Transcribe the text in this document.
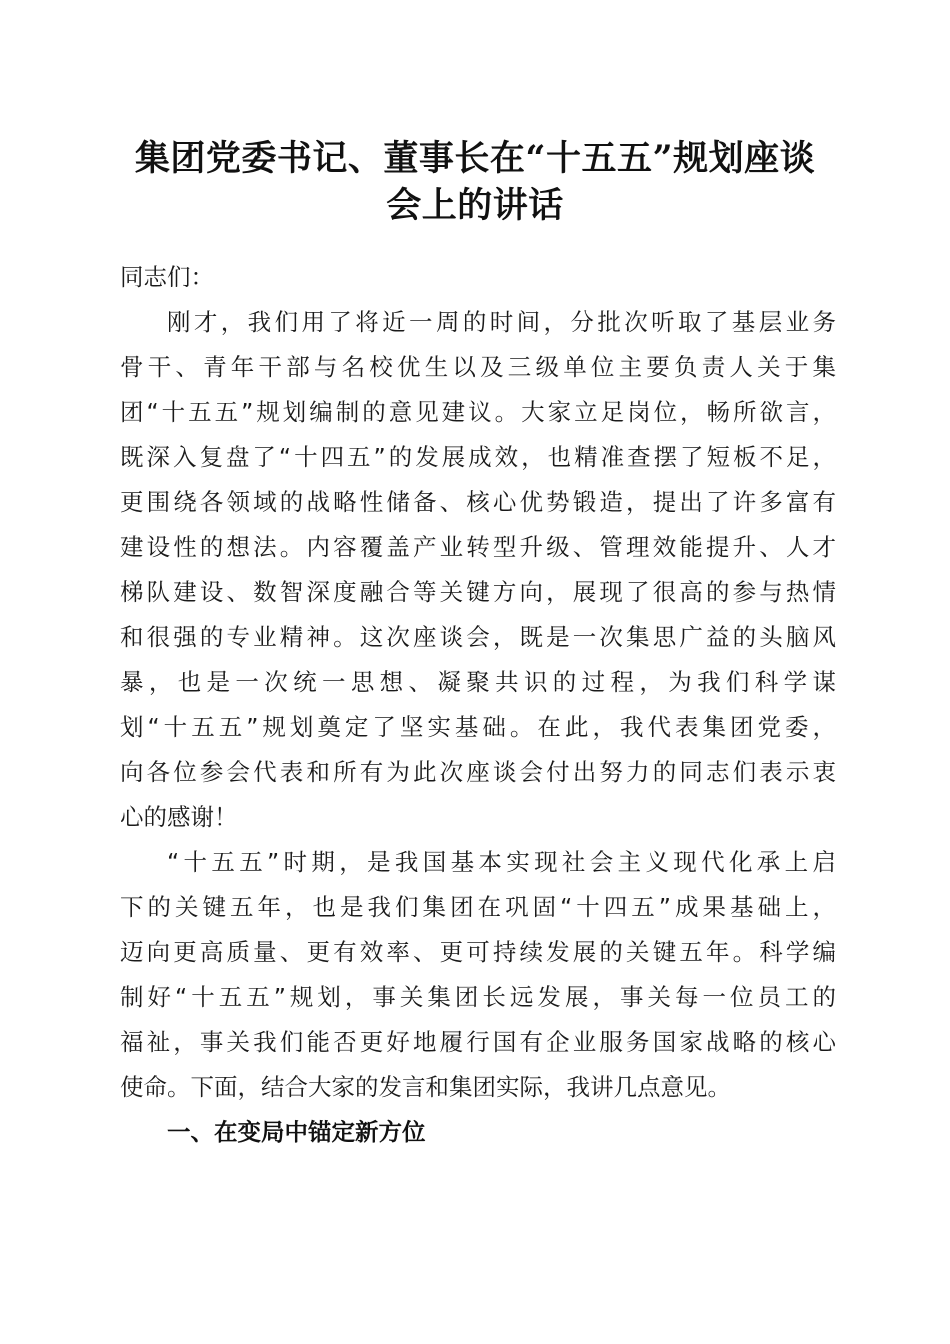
集团党委书记、董事长在“十五五”规划座谈
会上的讲话

同志们：

刚才，我们用了将近一周的时间，分批次听取了基层业务
骨干、青年干部与名校优生以及三级单位主要负责人关于集
团“十五五”规划编制的意见建议。大家立足岗位，畅所欲言，
既深入复盘了“十四五”的发展成效，也精准查摆了短板不足，
更围绕各领域的战略性储备、核心优势锻造，提出了许多富有
建设性的想法。内容覆盖产业转型升级、管理效能提升、人才
梯队建设、数智深度融合等关键方向，展现了很高的参与热情
和很强的专业精神。这次座谈会，既是一次集思广益的头脑风
暴，也是一次统一思想、凝聚共识的过程，为我们科学谋
划“十五五”规划奠定了坚实基础。在此，我代表集团党委，
向各位参会代表和所有为此次座谈会付出努力的同志们表示衷
心的感谢！

“十五五”时期，是我国基本实现社会主义现代化承上启
下的关键五年，也是我们集团在巩固“十四五”成果基础上，
迈向更高质量、更有效率、更可持续发展的关键五年。科学编
制好“十五五”规划，事关集团长远发展，事关每一位员工的
福祉，事关我们能否更好地履行国有企业服务国家战略的核心
使命。下面，结合大家的发言和集团实际，我讲几点意见。

一、在变局中锚定新方位
